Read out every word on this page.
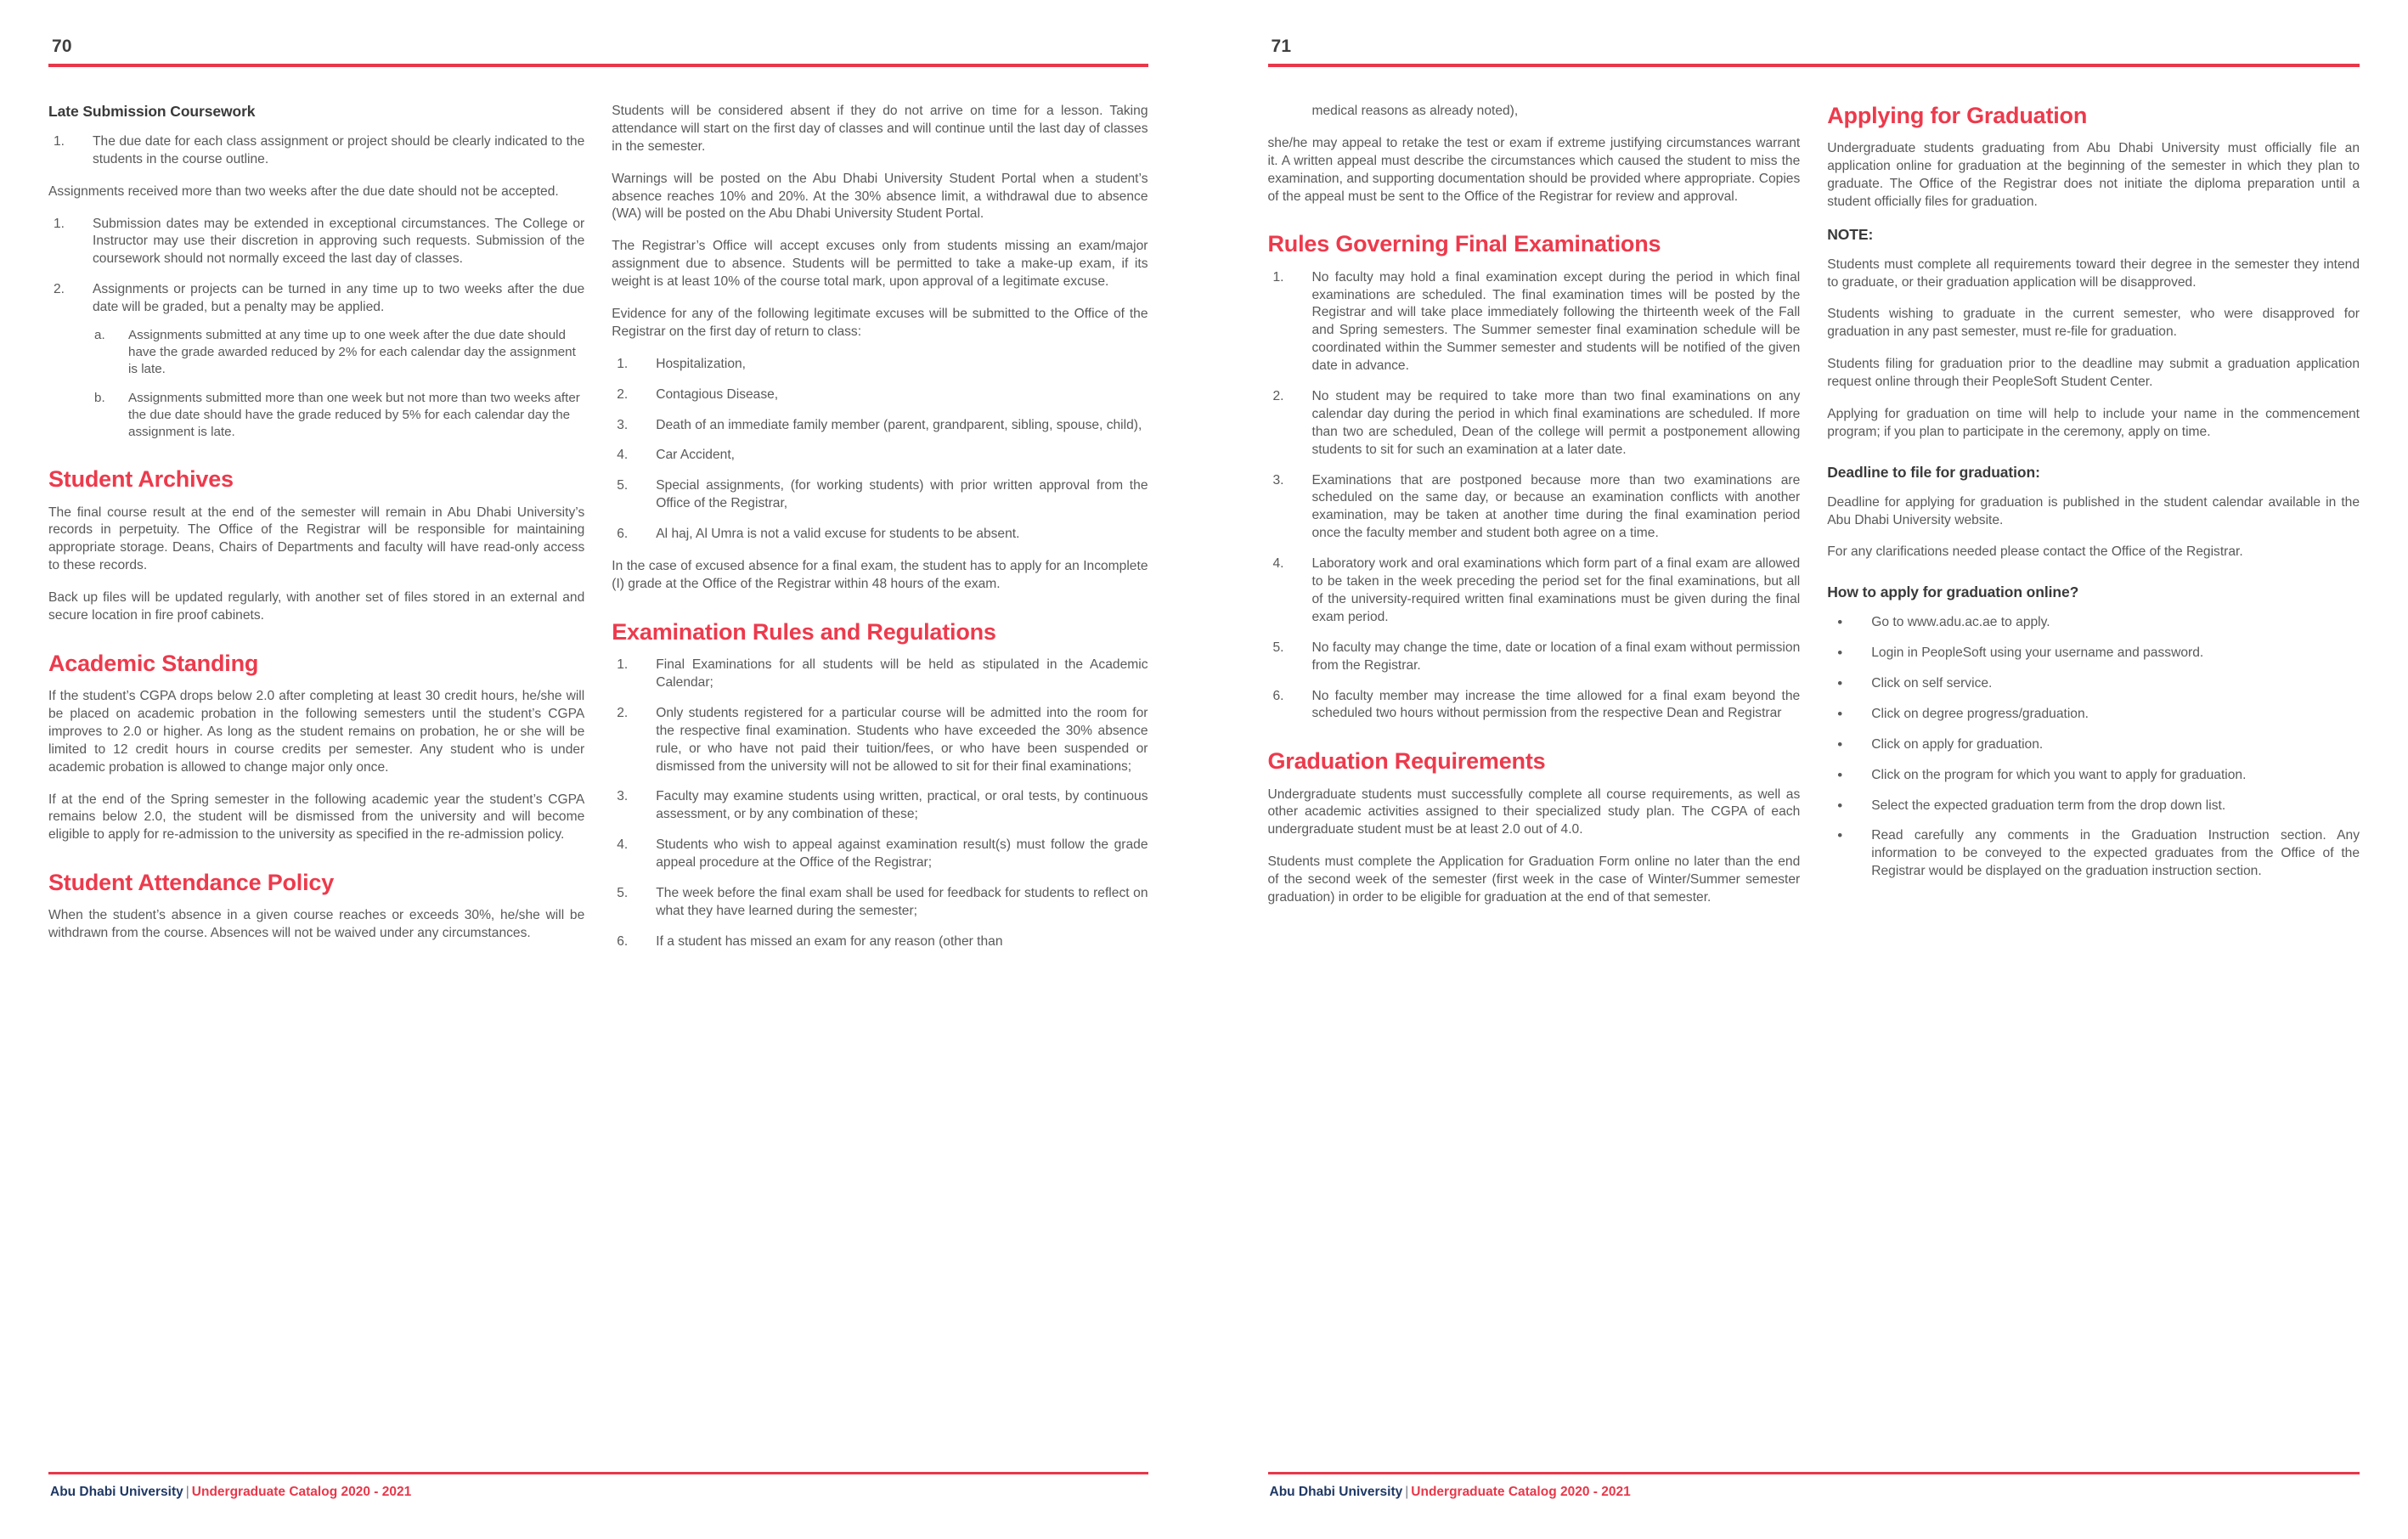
70
Late Submission Coursework
1.	The due date for each class assignment or project should be clearly indicated to the students in the course outline.

Assignments received more than two weeks after the due date should not be accepted.

1.	Submission dates may be extended in exceptional circumstances. The College or Instructor may use their discretion in approving such requests. Submission of the coursework should not normally exceed the last day of classes.
2.	Assignments or projects can be turned in any time up to two weeks after the due date will be graded, but a penalty may be applied.
a.	Assignments submitted at any time up to one week after the due date should have the grade awarded reduced by 2% for each calendar day the assignment is late.
b.	Assignments submitted more than one week but not more than two weeks after the due date should have the grade reduced by 5% for each calendar day the assignment is late.
Student Archives

The final course result at the end of the semester will remain in Abu Dhabi University’s records in perpetuity. The Office of the Registrar will be responsible for maintaining appropriate storage. Deans, Chairs of Departments and faculty will have read-only access to these records.

Back up files will be updated regularly, with another set of files stored in an external and secure location in fire proof cabinets.

Academic Standing

If the student’s CGPA drops below 2.0 after completing at least 30 credit hours, he/she will be placed on academic probation in the following semesters until the student’s CGPA improves to 2.0 or higher. As long as the student remains on probation, he or she will be limited to 12 credit hours in course credits per semester. Any student who is under academic probation is allowed to change major only once.

If at the end of the Spring semester in the following academic year the student’s CGPA remains below 2.0, the student will be dismissed from the university and will become eligible to apply for re-admission to the university as specified in the re-admission policy.

Student Attendance Policy

When the student’s absence in a given course reaches or exceeds 30%, he/she will be withdrawn from the course. Absences will not be waived under any circumstances.

Students will be considered absent if they do not arrive on time for a lesson. Taking attendance will start on the first day of classes and will continue until the last day of classes in the semester.

Warnings will be posted on the Abu Dhabi University Student Portal when a student’s absence reaches 10% and 20%. At the 30% absence limit, a withdrawal due to absence (WA) will be posted on the Abu Dhabi University Student Portal.

The Registrar’s Office will accept excuses only from students missing an exam/major assignment due to absence. Students will be permitted to take a make-up exam, if its weight is at least 10% of the course total mark, upon approval of a legitimate excuse.

Evidence for any of the following legitimate excuses will be submitted to the Office of the Registrar on the first day of return to class:

1.	Hospitalization,
2.	Contagious Disease,
3.	Death of an immediate family member (parent, grandparent, sibling, spouse, child),
4.	Car Accident,
5.	Special assignments, (for working students) with prior written approval from the Office of the Registrar,
6.	Al haj, Al Umra is not a valid excuse for students to be absent.

In the case of excused absence for a final exam, the student has to apply for an Incomplete (I) grade at the Office of the Registrar within 48 hours of the exam.

Examination Rules and Regulations
1.	Final Examinations for all students will be held as stipulated in the Academic Calendar;
2.	Only students registered for a particular course will be admitted into the room for the respective final examination. Students who have exceeded the 30% absence rule, or who have not paid their tuition/fees, or who have been suspended or dismissed from the university will not be allowed to sit for their final examinations;
3.	Faculty may examine students using written, practical, or oral tests, by continuous assessment, or by any combination of these;
4.	Students who wish to appeal against examination result(s) must follow the grade appeal procedure at the Office of the Registrar;
5.	The week before the final exam shall be used for feedback for students to reflect on what they have learned during the semester;
6.	If a student has missed an exam for any reason (other than
Abu Dhabi University | Undergraduate Catalog 2020 - 2021
71

medical reasons as already noted),

she/he may appeal to retake the test or exam if extreme justifying circumstances warrant it. A written appeal must describe the circumstances which caused the student to miss the examination, and supporting documentation should be provided where appropriate. Copies of the appeal must be sent to the Office of the Registrar for review and approval.

Rules Governing Final Examinations
1.	No faculty may hold a final examination except during the period in which final examinations are scheduled. The final examination times will be posted by the Registrar and will take place immediately following the thirteenth week of the Fall and Spring semesters. The Summer semester final examination schedule will be coordinated within the Summer semester and students will be notified of the given date in advance.
2.	No student may be required to take more than two final examinations on any calendar day during the period in which final examinations are scheduled. If more than two are scheduled, Dean of the college will permit a postponement allowing students to sit for such an examination at a later date.
3.	Examinations that are postponed because more than two examinations are scheduled on the same day, or because an examination conflicts with another examination, may be taken at another time during the final examination period once the faculty member and student both agree on a time.
4.	Laboratory work and oral examinations which form part of a final exam are allowed to be taken in the week preceding the period set for the final examinations, but all of the university-required written final examinations must be given during the final exam period.
5.	No faculty may change the time, date or location of a final exam without permission from the Registrar.
6.	No faculty member may increase the time allowed for a final exam beyond the scheduled two hours without permission from the respective Dean and Registrar
Graduation Requirements

Undergraduate students must successfully complete all course requirements, as well as other academic activities assigned to their specialized study plan. The CGPA of each undergraduate student must be at least 2.0 out of 4.0.

Students must complete the Application for Graduation Form online no later than the end of the second week of the semester (first week in the case of Winter/Summer semester graduation) in order to be eligible for graduation at the end of that semester.

Applying for Graduation

Undergraduate students graduating from Abu Dhabi University must officially file an application online for graduation at the beginning of the semester in which they plan to graduate. The Office of the Registrar does not initiate the diploma preparation until a student officially files for graduation.

NOTE:

Students must complete all requirements toward their degree in the semester they intend to graduate, or their graduation application will be disapproved.

Students wishing to graduate in the current semester, who were disapproved for graduation in any past semester, must re-file for graduation.

Students filing for graduation prior to the deadline may submit a graduation application request online through their PeopleSoft Student Center.

Applying for graduation on time will help to include your name in the commencement program; if you plan to participate in the ceremony, apply on time.

Deadline to file for graduation:

Deadline for applying for graduation is published in the student calendar available in the Abu Dhabi University website.

For any clarifications needed please contact the Office of the Registrar.

How to apply for graduation online?
•	Go to www.adu.ac.ae to apply.
•	Login in PeopleSoft using your username and password.
•	Click on self service.
•	Click on degree progress/graduation.
•	Click on apply for graduation.
•	Click on the program for which you want to apply for graduation.
•	Select the expected graduation term from the drop down list.
•	Read carefully any comments in the Graduation Instruction section. Any information to be conveyed to the expected graduates from the Office of the Registrar would be displayed on the graduation instruction section.
Abu Dhabi University | Undergraduate Catalog 2020 - 2021
